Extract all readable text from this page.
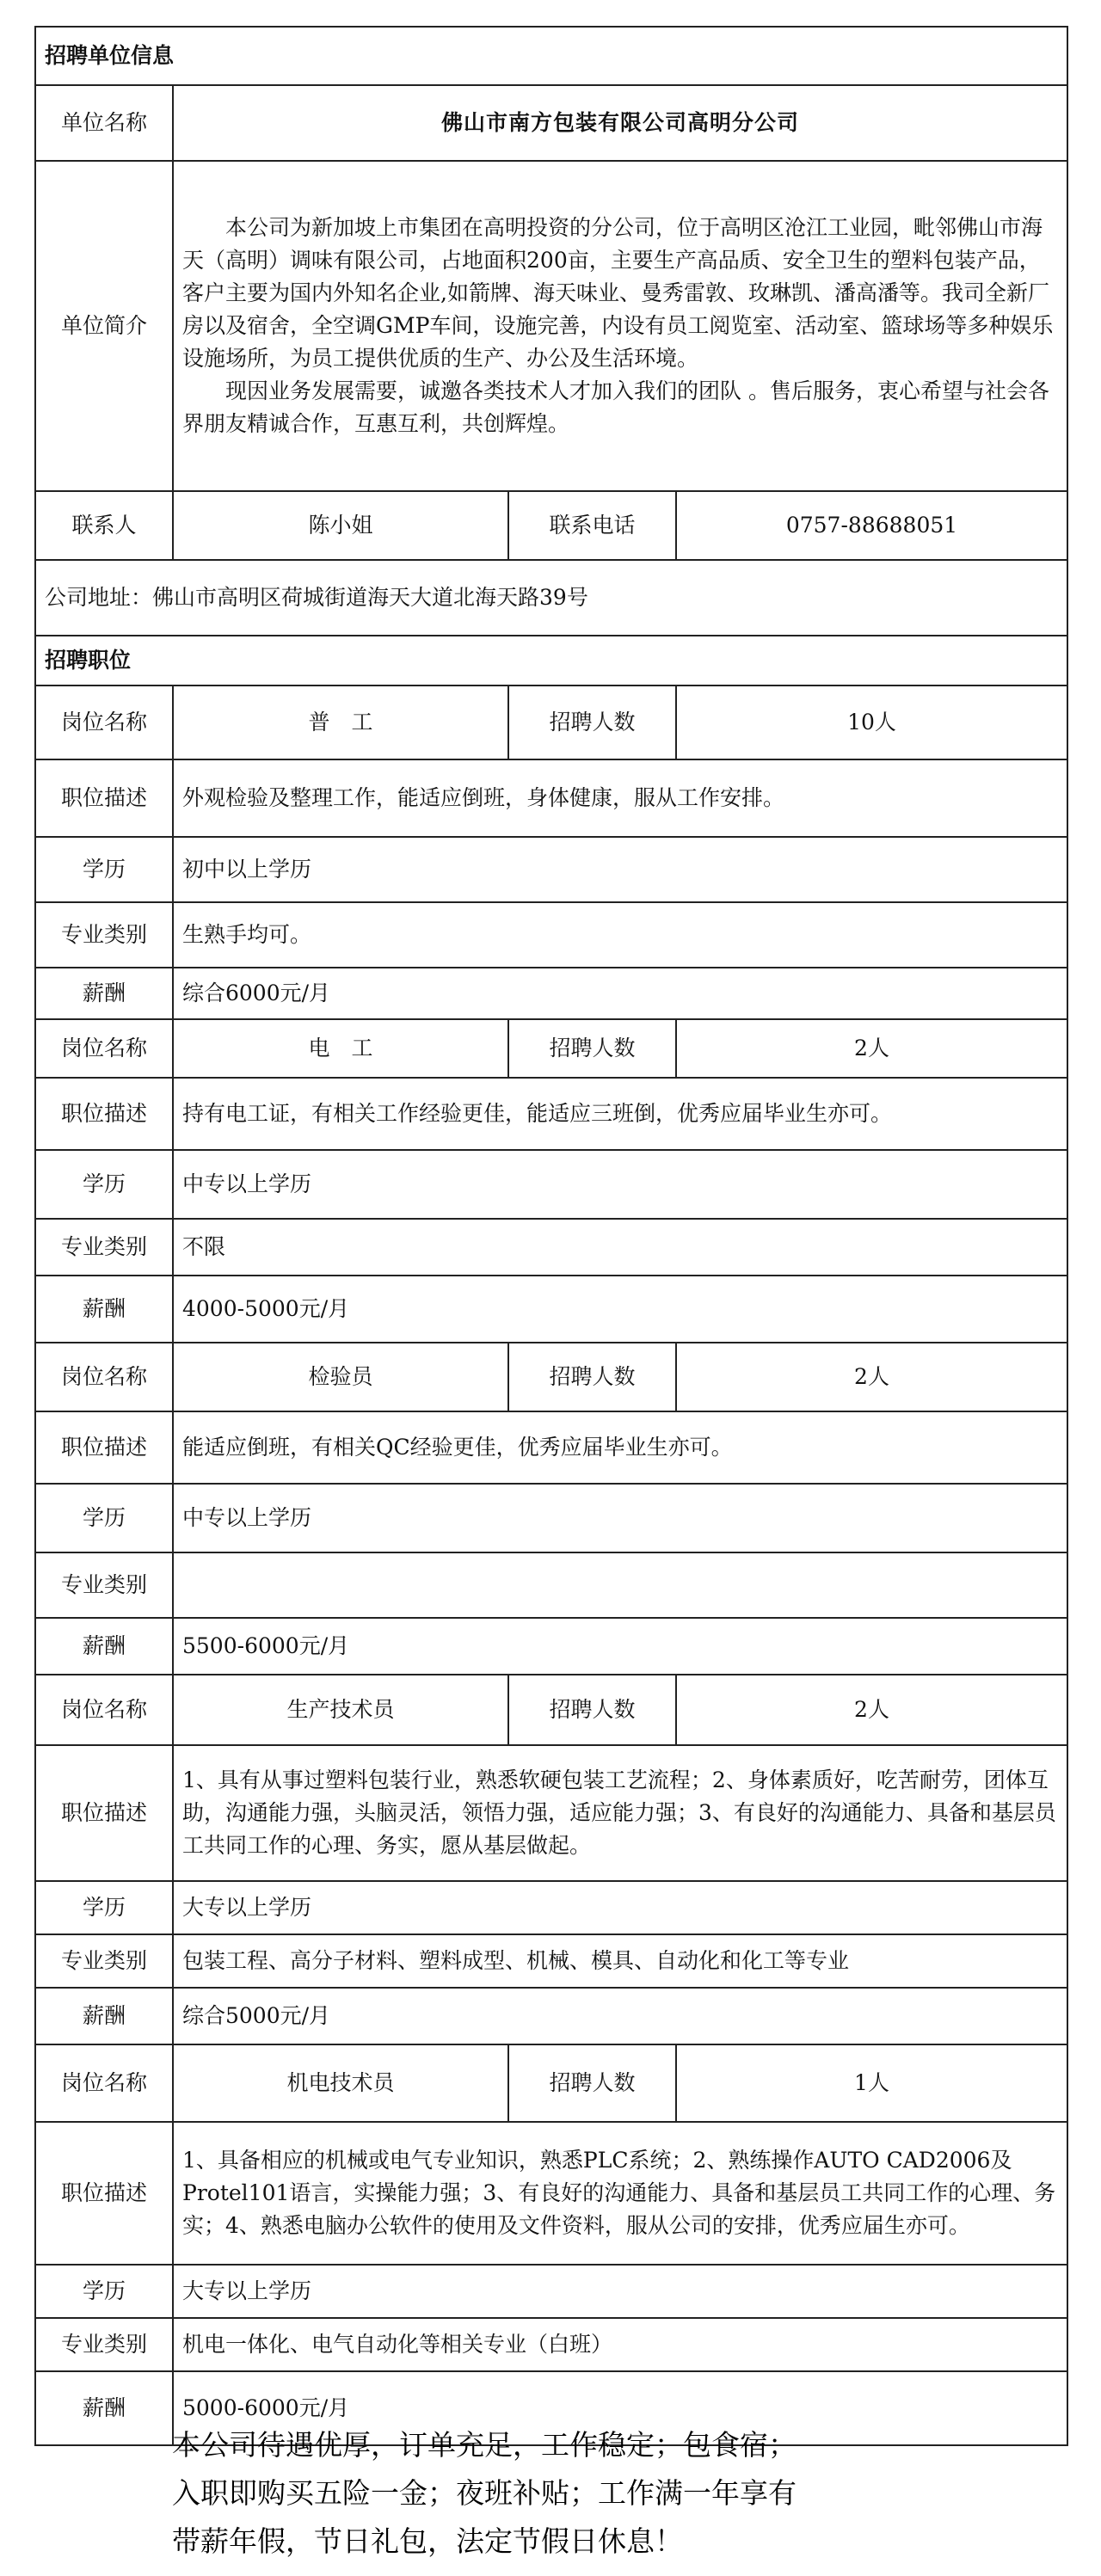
招聘单位信息			
单位名称	佛山市南方包装有限公司高明分公司		
单位简介	本公司为新加坡上市集团在高明投资的分公司，位于高明区沧江工业园，毗邻佛山市海天（高明）调味有限公司，占地面积200亩，主要生产高品质、安全卫生的塑料包装产品，客户主要为国内外知名企业,如箭牌、海天味业、曼秀雷敦、玫琳凯、潘高潘等。我司全新厂房以及宿舍，全空调GMP车间，设施完善，内设有员工阅览室、活动室、篮球场等多种娱乐设施场所，为员工提供优质的生产、办公及生活环境。

现因业务发展需要，诚邀各类技术人才加入我们的团队 。售后服务，衷心希望与社会各界朋友精诚合作，互惠互利，共创辉煌。		

联系人	陈小姐	联系电话	0757-88688051
公司地址：佛山市高明区荷城街道海天大道北海天路39号			
招聘职位			
岗位名称	普　工	招聘人数	10人
职位描述	外观检验及整理工作，能适应倒班，身体健康，服从工作安排。		
学历	初中以上学历		
专业类别	生熟手均可。		
薪酬	综合6000元/月		
岗位名称	电　工	招聘人数	2人
职位描述	持有电工证，有相关工作经验更佳，能适应三班倒，优秀应届毕业生亦可。		
学历	中专以上学历		
专业类别	不限		
薪酬	4000-5000元/月		
岗位名称	检验员	招聘人数	2人
职位描述	能适应倒班，有相关QC经验更佳，优秀应届毕业生亦可。		
学历	中专以上学历		
专业类别			
薪酬	5500-6000元/月		
岗位名称	生产技术员	招聘人数	2人
职位描述	1、具有从事过塑料包装行业，熟悉软硬包装工艺流程；2、身体素质好，吃苦耐劳，团体互助，沟通能力强，头脑灵活，领悟力强，适应能力强；3、有良好的沟通能力、具备和基层员工共同工作的心理、务实，愿从基层做起。		
学历	大专以上学历		
专业类别	包装工程、高分子材料、塑料成型、机械、模具、自动化和化工等专业		
薪酬	综合5000元/月		
岗位名称	机电技术员	招聘人数	1人
职位描述	1、具备相应的机械或电气专业知识，熟悉PLC系统；2、熟练操作AUTO CAD2006及Protel101语言，实操能力强；3、有良好的沟通能力、具备和基层员工共同工作的心理、务实；4、熟悉电脑办公软件的使用及文件资料，服从公司的安排，优秀应届生亦可。		
学历	大专以上学历		
专业类别	机电一体化、电气自动化等相关专业（白班）		
薪酬	5000-6000元/月		
本公司待遇优厚，订单充足，工作稳定；包食宿；
入职即购买五险一金；夜班补贴；工作满一年享有
带薪年假，节日礼包，法定节假日休息！
